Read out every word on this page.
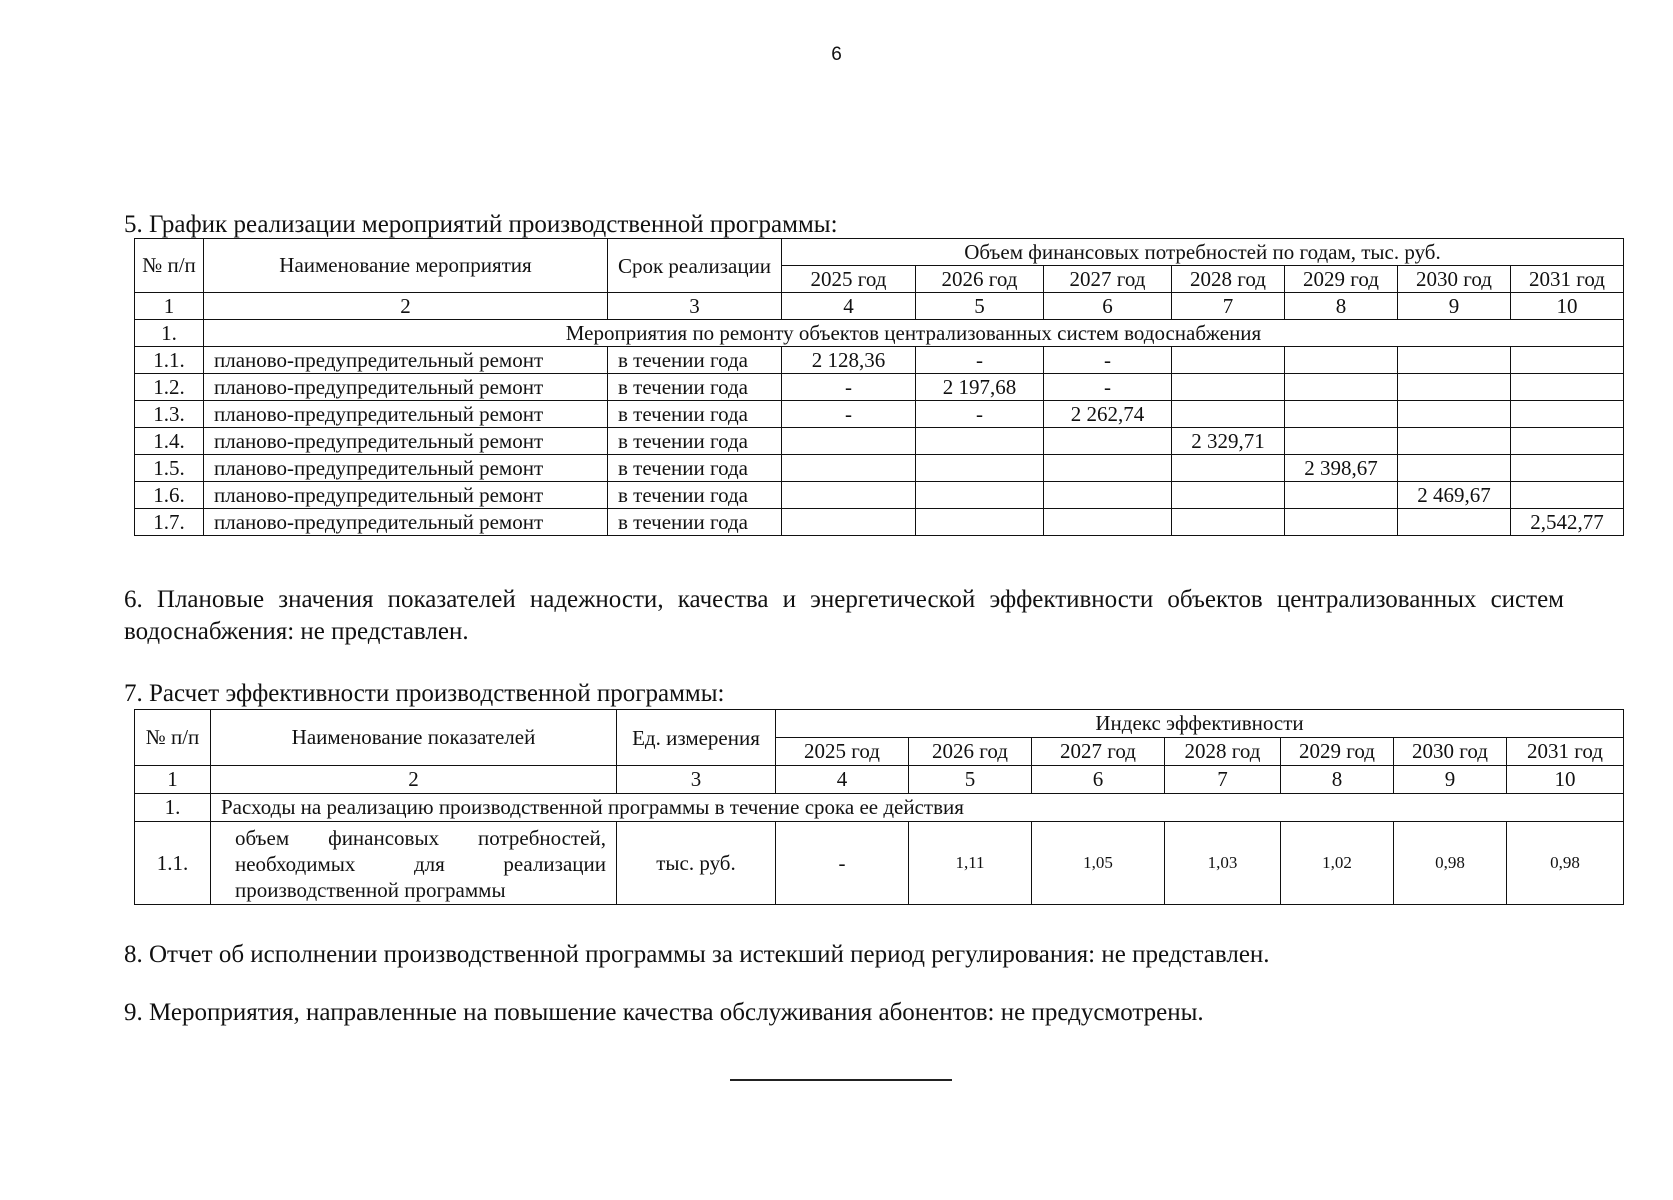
6
5. График реализации мероприятий производственной программы:
№ п/п	Наименование мероприятия	Срок реализации	Объем финансовых потребностей по годам, тыс. руб.						
			2025 год	2026 год	2027 год	2028 год	2029 год	2030 год	2031 год
1	2	3	4	5	6	7	8	9	10
1.	Мероприятия по ремонту объектов централизованных систем водоснабжения								
1.1.	планово-предупредительный ремонт	в течении года	2 128,36	-	-				
1.2.	планово-предупредительный ремонт	в течении года	-	2 197,68	-				
1.3.	планово-предупредительный ремонт	в течении года	-	-	2 262,74				
1.4.	планово-предупредительный ремонт	в течении года				2 329,71			
1.5.	планово-предупредительный ремонт	в течении года					2 398,67		
1.6.	планово-предупредительный ремонт	в течении года						2 469,67	
1.7.	планово-предупредительный ремонт	в течении года							2,542,77
6. Плановые значения показателей надежности, качества и энергетической эффективности объектов централизованных систем водоснабжения: не представлен.
7. Расчет эффективности производственной программы:
№ п/п	Наименование показателей	Ед. измерения	Индекс эффективности						
			2025 год	2026 год	2027 год	2028 год	2029 год	2030 год	2031 год
1	2	3	4	5	6	7	8	9	10
1.	Расходы на реализацию производственной программы в течение срока ее действия								
1.1.	объем финансовых потребностей, необходимых для реализации производственной программы	тыс. руб.	-	1,11	1,05	1,03	1,02	0,98	0,98
8. Отчет об исполнении производственной программы за истекший период регулирования: не представлен.
9. Мероприятия, направленные на повышение качества обслуживания абонентов: не предусмотрены.
